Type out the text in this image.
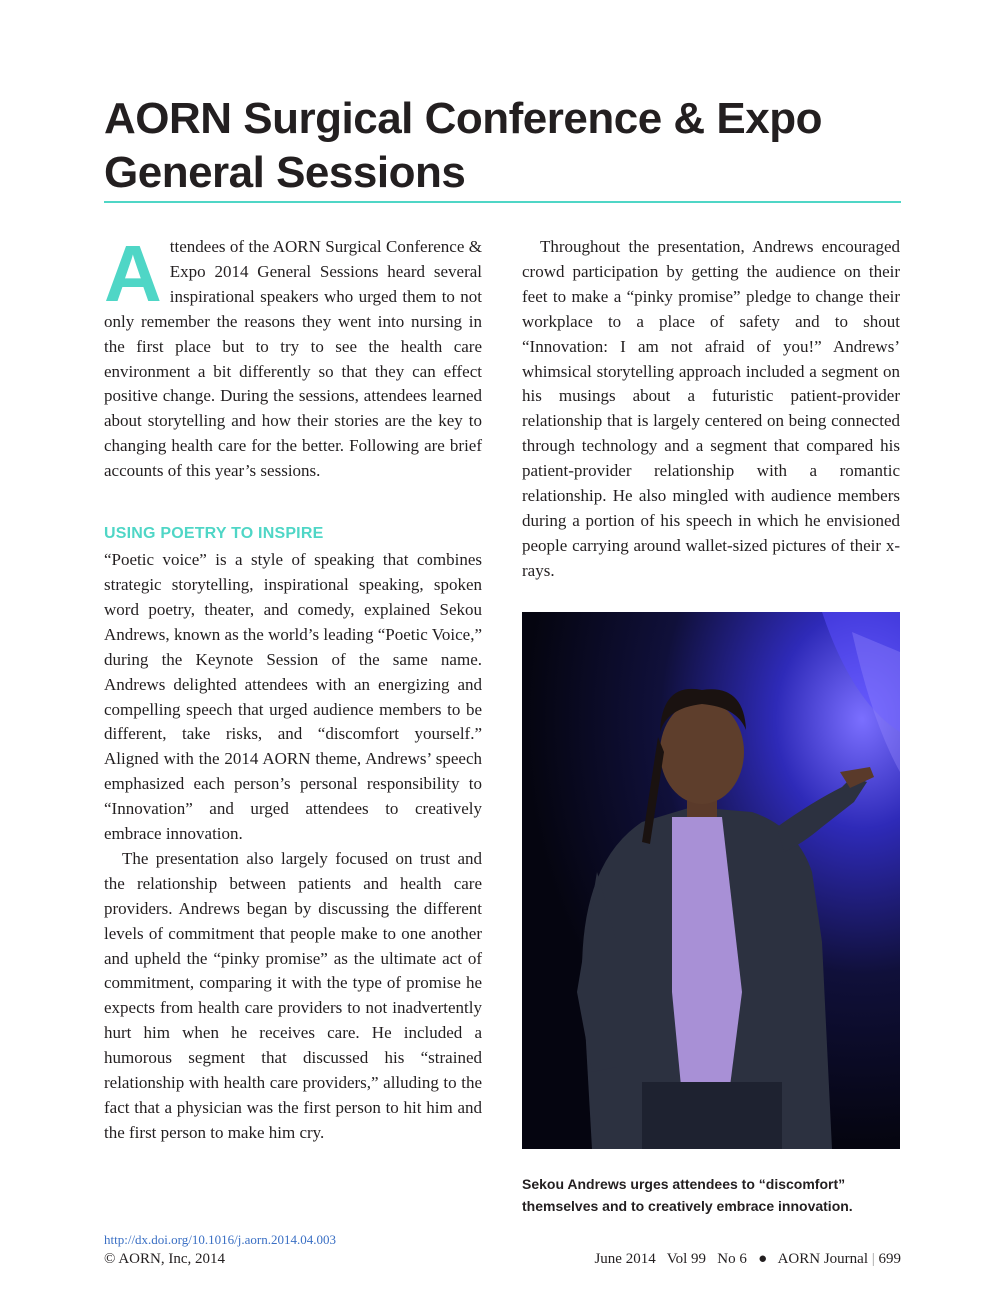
AORN Surgical Conference & Expo
General Sessions

Attendees of the AORN Surgical Conference & Expo 2014 General Sessions heard several inspirational speakers who urged them to not only remember the reasons they went into nursing in the first place but to try to see the health care environment a bit differently so that they can effect positive change. During the sessions, attendees learned about storytelling and how their stories are the key to changing health care for the better. Following are brief accounts of this year’s sessions.

USING POETRY TO INSPIRE

“Poetic voice” is a style of speaking that combines strategic storytelling, inspirational speaking, spoken word poetry, theater, and comedy, explained Sekou Andrews, known as the world’s leading “Poetic Voice,” during the Keynote Session of the same name. Andrews delighted attendees with an energizing and compelling speech that urged audience members to be different, take risks, and “discomfort yourself.” Aligned with the 2014 AORN theme, Andrews’ speech emphasized each person’s personal responsibility to “Innovation” and urged attendees to creatively embrace innovation.

The presentation also largely focused on trust and the relationship between patients and health care providers. Andrews began by discussing the different levels of commitment that people make to one another and upheld the “pinky promise” as the ultimate act of commitment, comparing it with the type of promise he expects from health care providers to not inadvertently hurt him when he receives care. He included a humorous segment that discussed his “strained relationship with health care providers,” alluding to the fact that a physician was the first person to hit him and the first person to make him cry.

Throughout the presentation, Andrews encouraged crowd participation by getting the audience on their feet to make a “pinky promise” pledge to change their workplace to a place of safety and to shout “Innovation: I am not afraid of you!” Andrews’ whimsical storytelling approach included a segment on his musings about a futuristic patient-provider relationship that is largely centered on being connected through technology and a segment that compared his patient-provider relationship with a romantic relationship. He also mingled with audience members during a portion of his speech in which he envisioned people carrying around wallet-sized pictures of their x-rays.

Sekou Andrews urges attendees to “discomfort” themselves and to creatively embrace innovation.
http://dx.doi.org/10.1016/j.aorn.2014.04.003
© AORN, Inc, 2014	June 2014   Vol 99   No 6   ●   AORN Journal | 699
